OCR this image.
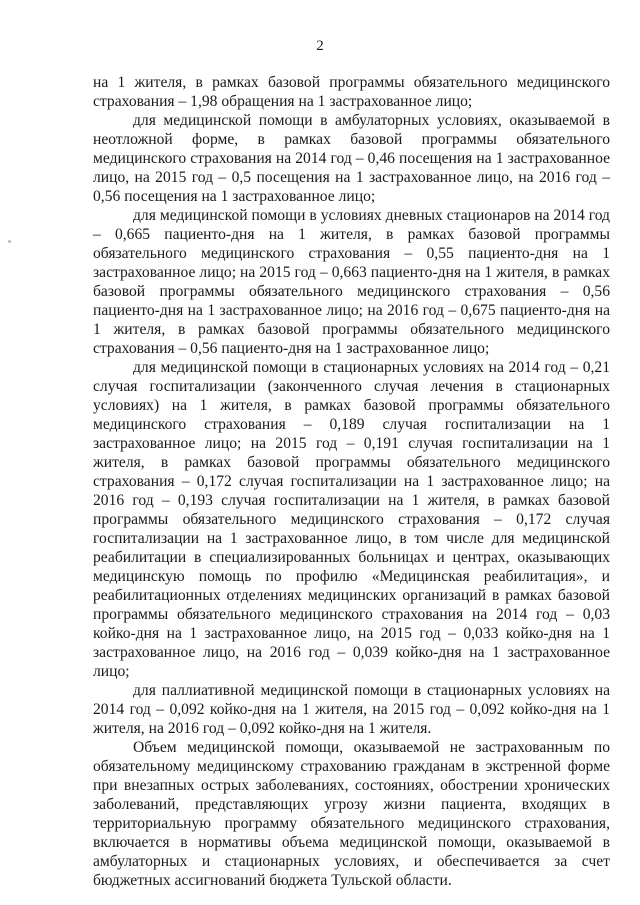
2

на 1 жителя, в рамках базовой программы обязательного медицинского страхования – 1,98 обращения на 1 застрахованное лицо;

для медицинской помощи в амбулаторных условиях, оказываемой в неотложной форме, в рамках базовой программы обязательного медицинского страхования на 2014 год – 0,46 посещения на 1 застрахованное лицо, на 2015 год – 0,5 посещения на 1 застрахованное лицо, на 2016 год – 0,56 посещения на 1 застрахованное лицо;

для медицинской помощи в условиях дневных стационаров на 2014 год – 0,665 пациенто-дня на 1 жителя, в рамках базовой программы обязательного медицинского страхования – 0,55 пациенто-дня на 1 застрахованное лицо; на 2015 год – 0,663 пациенто-дня на 1 жителя, в рамках базовой программы обязательного медицинского страхования – 0,56 пациенто-дня на 1 застрахованное лицо; на 2016 год – 0,675 пациенто-дня на 1 жителя, в рамках базовой программы обязательного медицинского страхования – 0,56 пациенто-дня на 1 застрахованное лицо;

для медицинской помощи в стационарных условиях на 2014 год – 0,21 случая госпитализации (законченного случая лечения в стационарных условиях) на 1 жителя, в рамках базовой программы обязательного медицинского страхования – 0,189 случая госпитализации на 1 застрахованное лицо; на 2015 год – 0,191 случая госпитализации на 1 жителя, в рамках базовой программы обязательного медицинского страхования – 0,172 случая госпитализации на 1 застрахованное лицо; на 2016 год – 0,193 случая госпитализации на 1 жителя, в рамках базовой программы обязательного медицинского страхования – 0,172 случая госпитализации на 1 застрахованное лицо, в том числе для медицинской реабилитации в специализированных больницах и центрах, оказывающих медицинскую помощь по профилю «Медицинская реабилитация», и реабилитационных отделениях медицинских организаций в рамках базовой программы обязательного медицинского страхования на 2014 год – 0,03 койко-дня на 1 застрахованное лицо, на 2015 год – 0,033 койко-дня на 1 застрахованное лицо, на 2016 год – 0,039 койко-дня на 1 застрахованное лицо;

для паллиативной медицинской помощи в стационарных условиях на 2014 год – 0,092 койко-дня на 1 жителя, на 2015 год – 0,092 койко-дня на 1 жителя, на 2016 год – 0,092 койко-дня на 1 жителя.

Объем медицинской помощи, оказываемой не застрахованным по обязательному медицинскому страхованию гражданам в экстренной форме при внезапных острых заболеваниях, состояниях, обострении хронических заболеваний, представляющих угрозу жизни пациента, входящих в территориальную программу обязательного медицинского страхования, включается в нормативы объема медицинской помощи, оказываемой в амбулаторных и стационарных условиях, и обеспечивается за счет бюджетных ассигнований бюджета Тульской области.
